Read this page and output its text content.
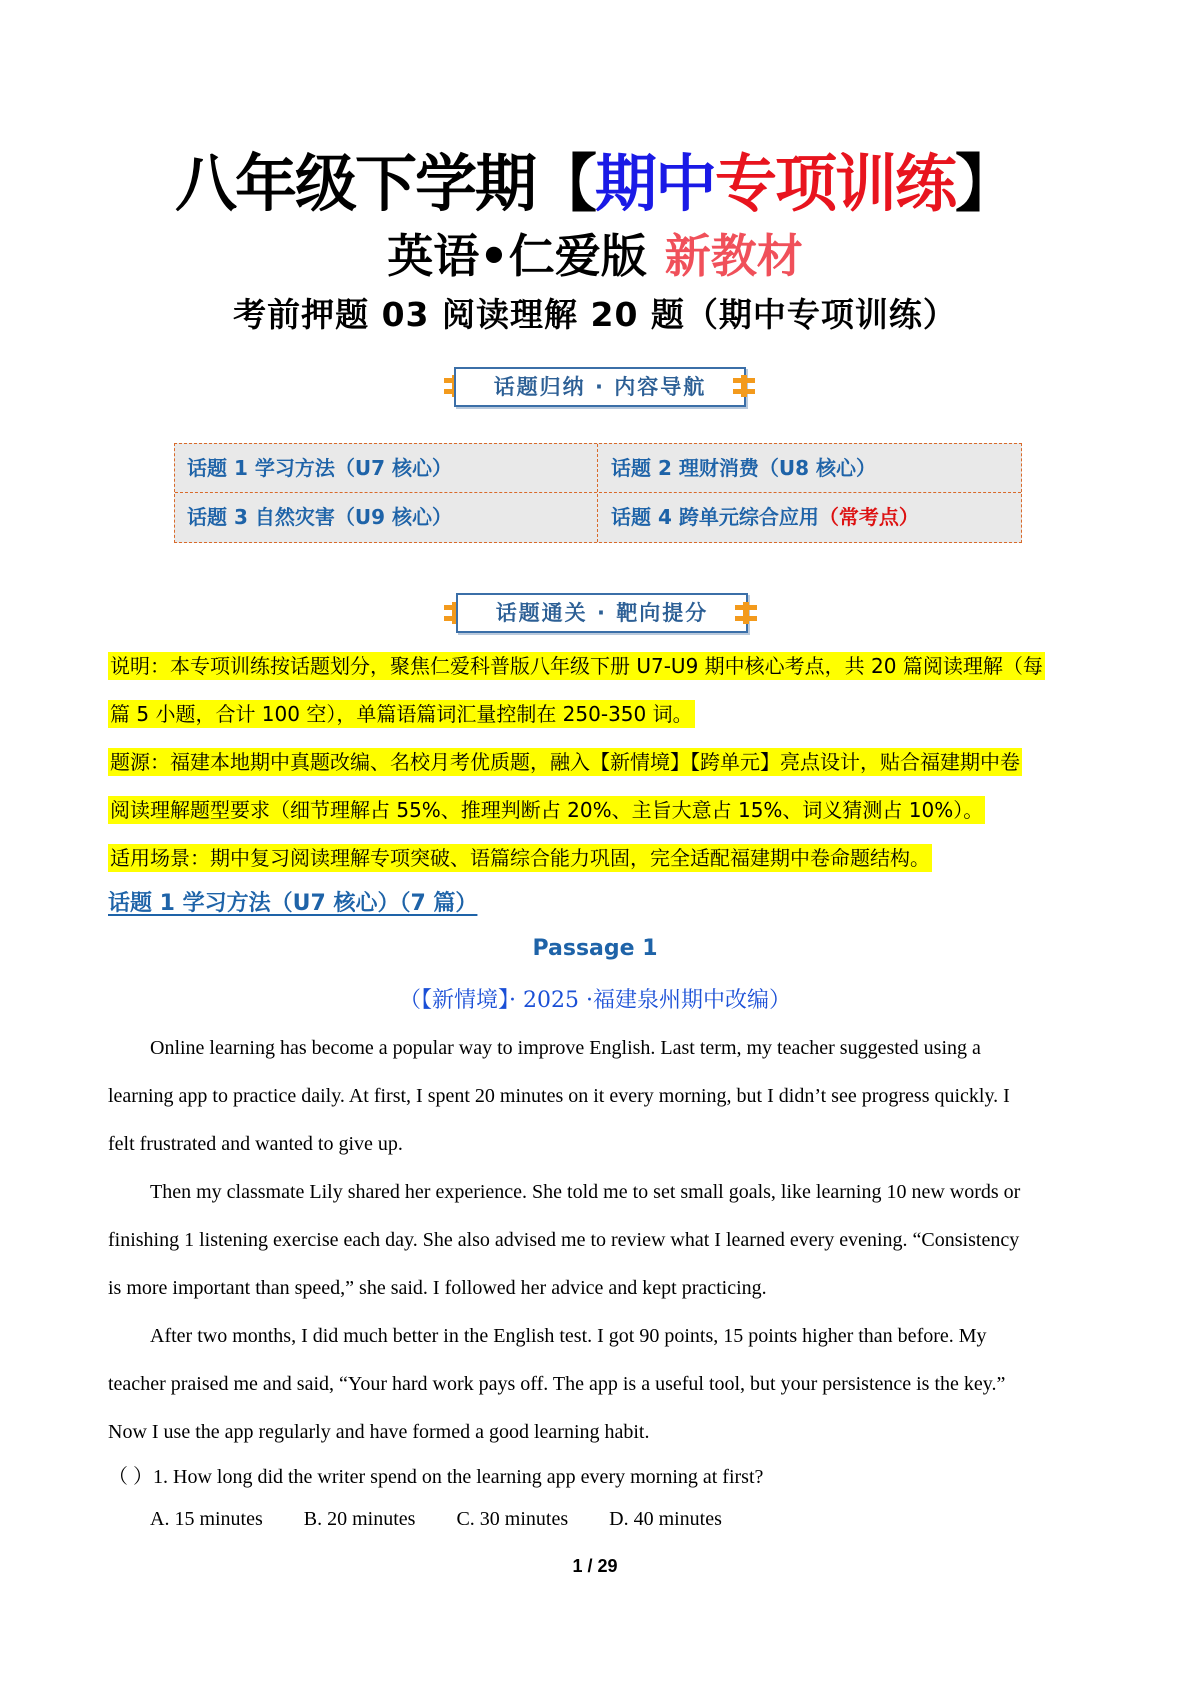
八年级下学期【期中专项训练】
英语•仁爱版 新教材
考前押题 03 阅读理解 20 题（期中专项训练）
话题归纳 · 内容导航
话题 1 学习方法（U7 核心）	话题 2 理财消费（U8 核心）
话题 3 自然灾害（U9 核心）	话题 4 跨单元综合应用（常考点）
话题通关 · 靶向提分
说明：本专项训练按话题划分，聚焦仁爱科普版八年级下册 U7-U9 期中核心考点，共 20 篇阅读理解（每
篇 5 小题，合计 100 空），单篇语篇词汇量控制在 250-350 词。
题源：福建本地期中真题改编、名校月考优质题，融入【新情境】【跨单元】亮点设计，贴合福建期中卷
阅读理解题型要求（细节理解占 55%、推理判断占 20%、主旨大意占 15%、词义猜测占 10%）。
适用场景：期中复习阅读理解专项突破、语篇综合能力巩固，完全适配福建期中卷命题结构。
话题 1 学习方法（U7 核心）（7 篇）
Passage 1
（【新情境】· 2025 ·福建泉州期中改编）
Online learning has become a popular way to improve English. Last term, my teacher suggested using a
learning app to practice daily. At first, I spent 20 minutes on it every morning, but I didn’t see progress quickly. I
felt frustrated and wanted to give up.
Then my classmate Lily shared her experience. She told me to set small goals, like learning 10 new words or
finishing 1 listening exercise each day. She also advised me to review what I learned every evening. “Consistency
is more important than speed,” she said. I followed her advice and kept practicing.
After two months, I did much better in the English test. I got 90 points, 15 points higher than before. My
teacher praised me and said, “Your hard work pays off. The app is a useful tool, but your persistence is the key.”
Now I use the app regularly and have formed a good learning habit.
（ ）1. How long did the writer spend on the learning app every morning at first?
A. 15 minutes B. 20 minutes C. 30 minutes D. 40 minutes
1 / 29
